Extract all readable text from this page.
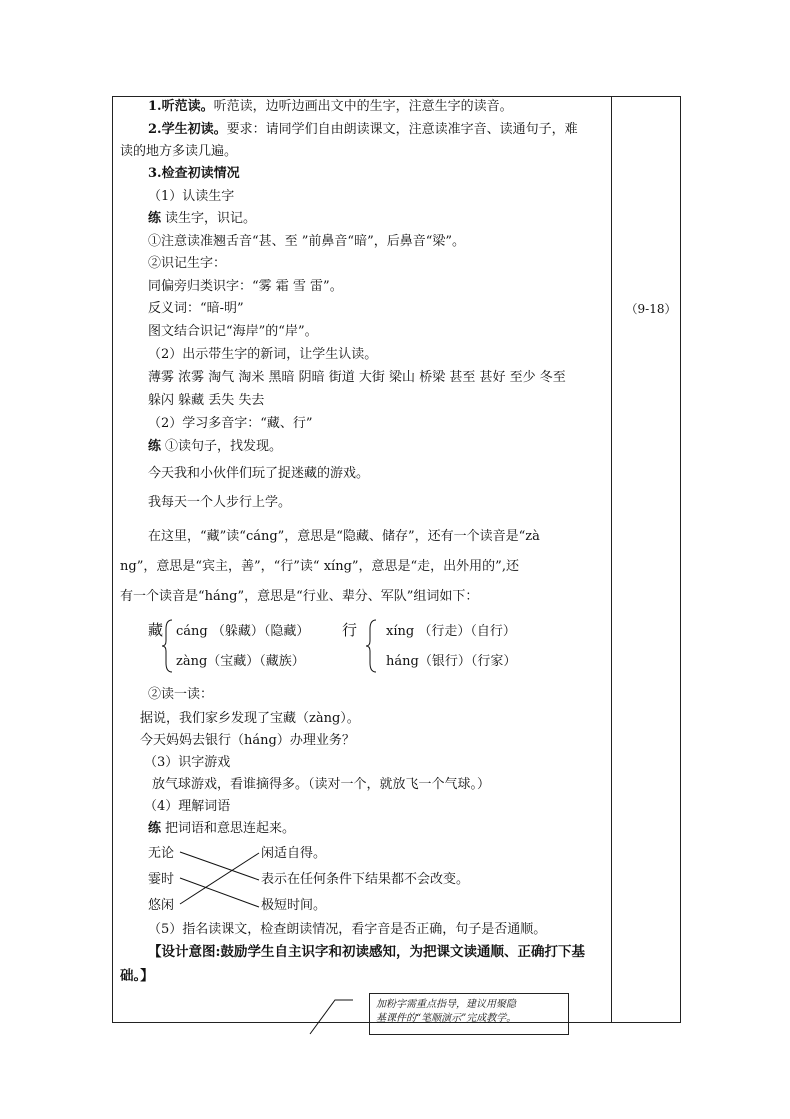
（9-18）
1.听范读。听范读，边听边画出文中的生字，注意生字的读音。
2.学生初读。要求：请同学们自由朗读课文，注意读准字音、读通句子，难
读的地方多读几遍。
3.检查初读情况
（1）认读生字
练 读生字，识记。
①注意读准翘舌音“甚、至 ”前鼻音“暗”，后鼻音“梁”。
②识记生字：
同偏旁归类识字：“雾 霜 雪 雷”。
反义词：“暗-明”
图文结合识记“海岸”的“岸”。
（2）出示带生字的新词，让学生认读。
薄雾 浓雾 淘气 淘米 黑暗 阴暗 街道 大街 梁山 桥梁 甚至 甚好 至少 冬至
躲闪 躲藏 丢失 失去
（2）学习多音字：“藏、行”
练 ①读句子，找发现。
今天我和小伙伴们玩了捉迷藏的游戏。
我每天一个人步行上学。
在这里，“藏”读“cáng”，意思是“隐藏、储存”，还有一个读音是“zà
ng”，意思是“宾主，善”，“行”读“ xíng”，意思是“走，出外用的”,还
有一个读音是“háng”，意思是“行业、辈分、军队”组词如下：
藏 cáng （躲藏）（隐藏）
zàng（宝藏）（藏族）
行 xíng （行走）（自行）
háng（银行）（行家）
②读一读：
据说，我们家乡发现了宝藏（zàng）。
今天妈妈去银行（háng）办理业务？
（3）识字游戏
放气球游戏，看谁摘得多。（读对一个，就放飞一个气球。）
（4）理解词语
练 把词语和意思连起来。
无论
霎时
悠闲
闲适自得。
表示在任何条件下结果都不会改变。
极短时间。
（5）指名读课文，检查朗读情况，看字音是否正确，句子是否通顺。
【设计意图:鼓励学生自主识字和初读感知，为把课文读通顺、正确打下基
础。】
加粉字需重点指导，建议用聚隐
基课件的“笔顺演示”完成教学。
